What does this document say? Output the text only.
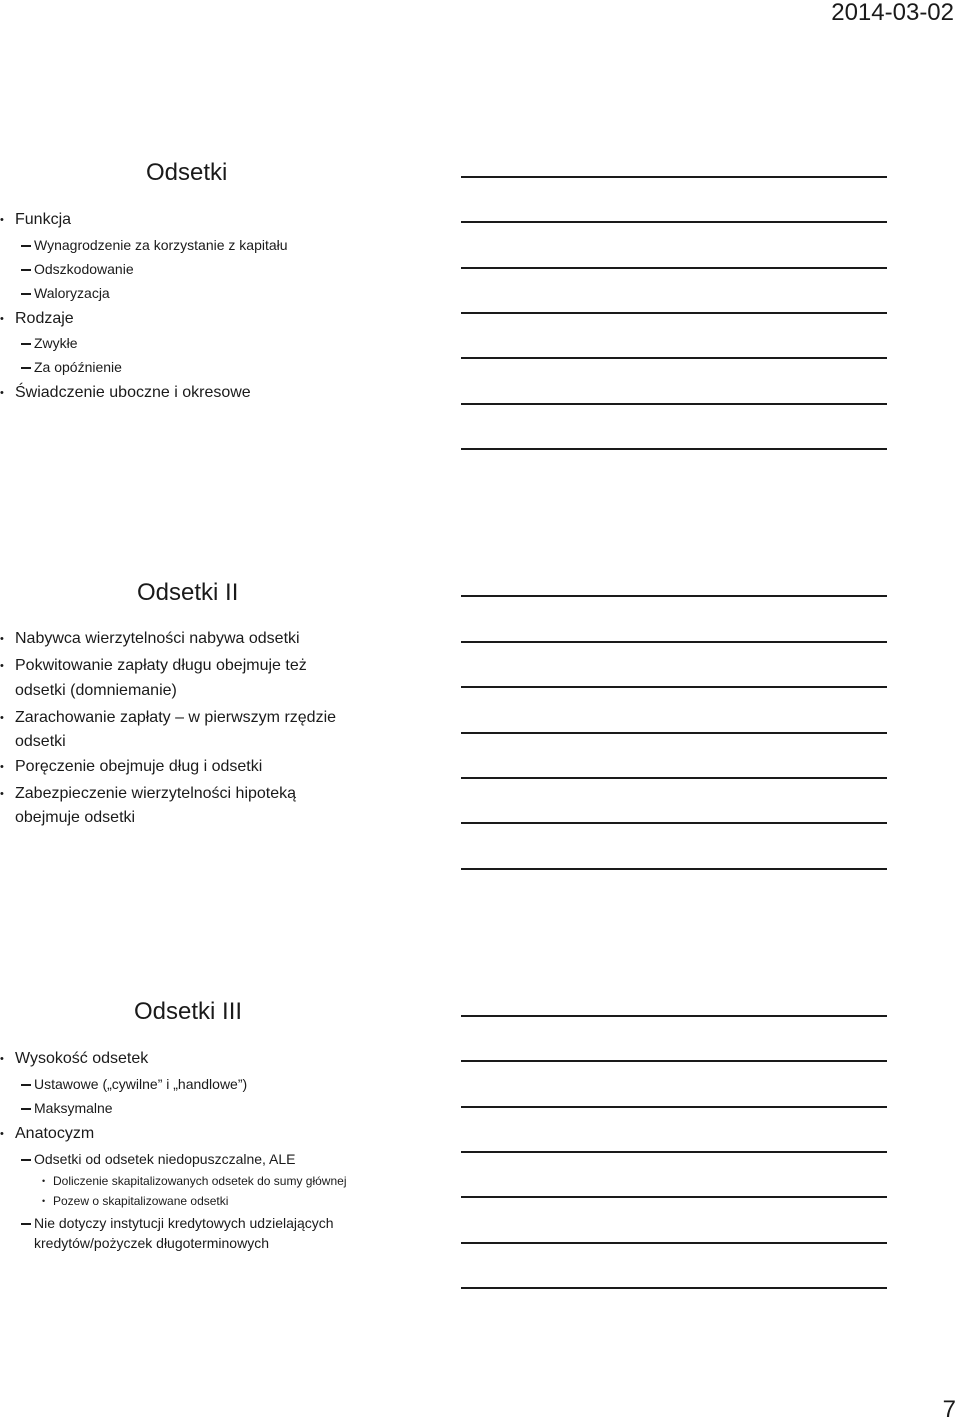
2014-03-02
Odsetki
• Funkcja
Wynagrodzenie za korzystanie z kapitału
Odszkodowanie
Waloryzacja
• Rodzaje
Zwykłe
Za opóźnienie
• Świadczenie uboczne i okresowe
Odsetki II
• Nabywca wierzytelności nabywa odsetki
• Pokwitowanie zapłaty długu obejmuje też
odsetki (domniemanie)
• Zarachowanie zapłaty – w pierwszym rzędzie
odsetki
• Poręczenie obejmuje dług i odsetki
• Zabezpieczenie wierzytelności hipoteką
obejmuje odsetki
Odsetki III
• Wysokość odsetek
Ustawowe („cywilne” i „handlowe”)
Maksymalne
• Anatocyzm
Odsetki od odsetek niedopuszczalne, ALE
• Doliczenie skapitalizowanych odsetek do sumy głównej
• Pozew o skapitalizowane odsetki
Nie dotyczy instytucji kredytowych udzielających
kredytów/pożyczek długoterminowych
7
